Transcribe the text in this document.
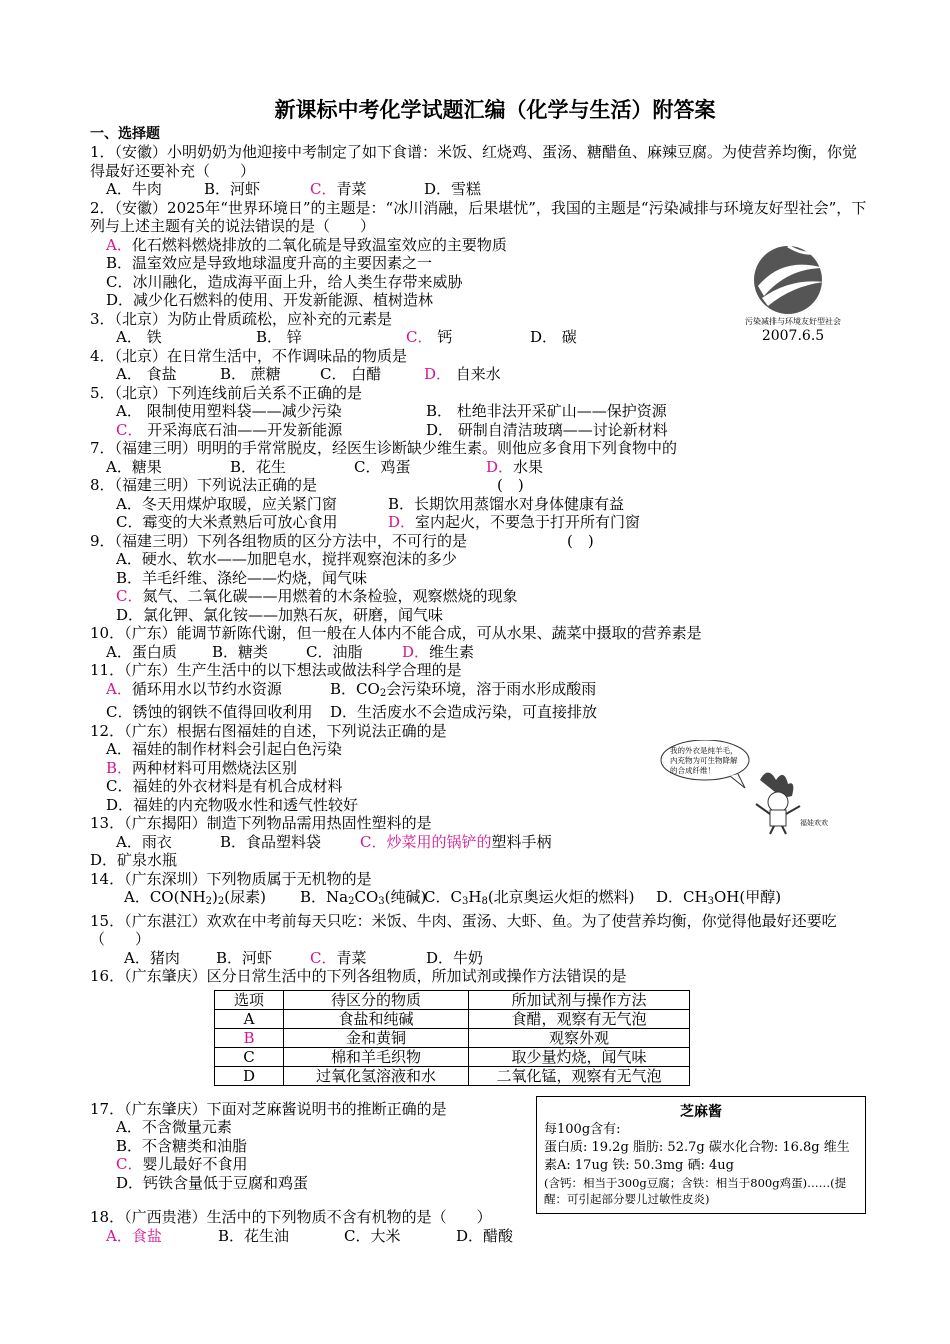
污染减排与环境友好型社会
2007.6.5
我的外衣是纯羊毛，
内充物为可生物降解
的合成纤维！
福娃欢欢
新课标中考化学试题汇编（化学与生活）附答案
一、选择题
1．（安徽）小明奶奶为他迎接中考制定了如下食谱：米饭、红烧鸡、蛋汤、糖醋鱼、麻辣豆腐。为使营养均衡，你觉得最好还要补充（　　）
A．牛肉	B．河虾	C．青菜	D．雪糕
2．（安徽）2025年“世界环境日”的主题是：“冰川消融，后果堪忧”，我国的主题是“污染减排与环境友好型社会”，下列与上述主题有关的说法错误的是（　　）
A．化石燃料燃烧排放的二氧化硫是导致温室效应的主要物质
B．温室效应是导致地球温度升高的主要因素之一
C．冰川融化，造成海平面上升，给人类生存带来威胁
D．减少化石燃料的使用、开发新能源、植树造林
3．（北京）为防止骨质疏松，应补充的元素是
A． 铁	B． 锌	C． 钙	D． 碳
4．（北京）在日常生活中，不作调味品的物质是
A． 食盐	B． 蔗糖	C． 白醋	D． 自来水
5．（北京）下列连线前后关系不正确的是
A． 限制使用塑料袋——减少污染	B． 杜绝非法开采矿山——保护资源
C． 开采海底石油——开发新能源	D． 研制自清洁玻璃——讨论新材料
7．（福建三明）明明的手常常脱皮，经医生诊断缺少维生素。则他应多食用下列食物中的
A．糖果	B．花生	C．鸡蛋	D．水果
8．（福建三明）下列说法正确的是	(　)
A．冬天用煤炉取暖，应关紧门窗	B．长期饮用蒸馏水对身体健康有益
C．霉变的大米煮熟后可放心食用	D．室内起火，不要急于打开所有门窗
9．（福建三明）下列各组物质的区分方法中，不可行的是	(　)
A．硬水、软水——加肥皂水，搅拌观察泡沫的多少
B．羊毛纤维、涤纶——灼烧，闻气味
C．氮气、二氧化碳——用燃着的木条检验，观察燃烧的现象
D．氯化钾、氯化铵——加熟石灰，研磨，闻气味
10．（广东）能调节新陈代谢，但一般在人体内不能合成，可从水果、蔬菜中摄取的营养素是
A．蛋白质 B．糖类	C．油脂	D．维生素
11．（广东）生产生活中的以下想法或做法科学合理的是
A．循环用水以节约水资源	B．$CO_2$会污染环境，溶于雨水形成酸雨
C．锈蚀的钢铁不值得回收利用 D．生活废水不会造成污染，可直接排放
12．（广东）根据右图福娃的自述，下列说法正确的是
A．福娃的制作材料会引起白色污染
B．两种材料可用燃烧法区别
C．福娃的外衣材料是有机合成材料
D．福娃的内充物吸水性和透气性较好
13．（广东揭阳）制造下列物品需用热固性塑料的是
A．雨衣	B．食品塑料袋	C．炒菜用的锅铲的塑料手柄
D．矿泉水瓶
14．（广东深圳）下列物质属于无机物的是
A．$CO(NH_2)_2$(尿素) B．$Na_2CO_3$(纯碱)C．$C_3H_8$(北京奥运火炬的燃料) D．$CH_3OH$(甲醇)
15．（广东湛江）欢欢在中考前每天只吃：米饭、牛肉、蛋汤、大虾、鱼。为了使营养均衡，你觉得他最好还要吃（　　）
A．猪肉 B．河虾	C．青菜	D．牛奶
16．（广东肇庆）区分日常生活中的下列各组物质，所加试剂或操作方法错误的是
选项	待区分的物质	所加试剂与操作方法
A	食盐和纯碱	食醋，观察有无气泡
B	金和黄铜	观察外观
C	棉和羊毛织物	取少量灼烧，闻气味
D	过氧化氢溶液和水	二氧化锰，观察有无气泡
17．（广东肇庆）下面对芝麻酱说明书的推断正确的是
A．不含微量元素
B．不含糖类和油脂
C．婴儿最好不食用
D．钙铁含量低于豆腐和鸡蛋
18．（广西贵港）生活中的下列物质不含有机物的是（　　）
A．食盐	B．花生油	C．大米	D．醋酸
芝麻酱
每100g含有:
蛋白质: 19.2g 脂肪: 52.7g 碳水化合物: 16.8g 维生素A: 17ug 铁: 50.3mg 硒: 4ug
(含钙：相当于300g豆腐；含铁：相当于800g鸡蛋)……(提醒：可引起部分婴儿过敏性皮炎)
